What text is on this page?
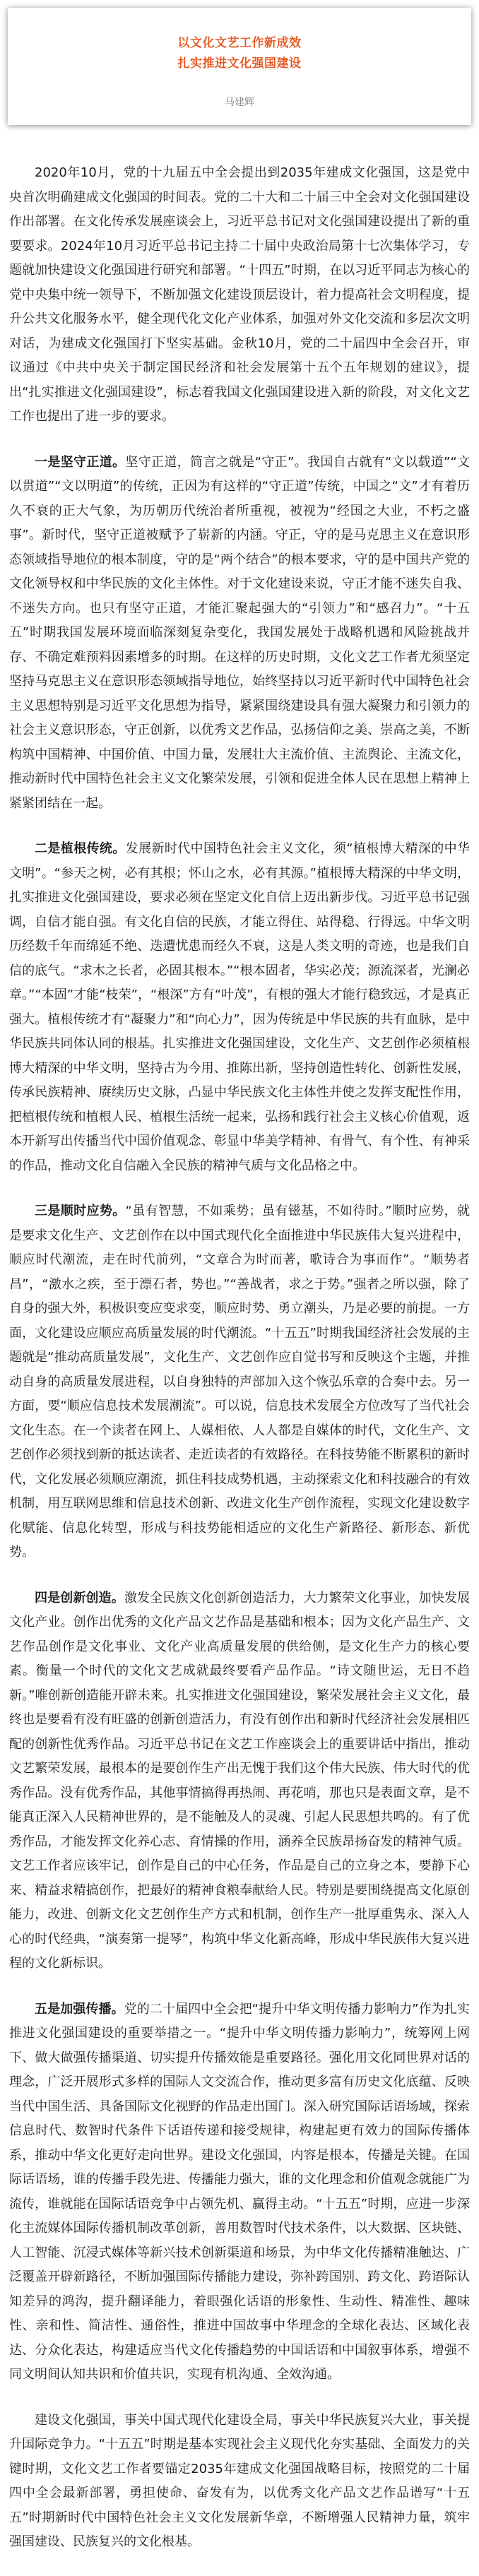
以文化文艺工作新成效
扎实推进文化强国建设
马建辉

2020年10月，党的十九届五中全会提出到2035年建成文化强国，这是党中央首次明确建成文化强国的时间表。党的二十大和二十届三中全会对文化强国建设作出部署。在文化传承发展座谈会上，习近平总书记对文化强国建设提出了新的重要要求。2024年10月习近平总书记主持二十届中央政治局第十七次集体学习，专题就加快建设文化强国进行研究和部署。“十四五”时期，在以习近平同志为核心的党中央集中统一领导下，不断加强文化建设顶层设计，着力提高社会文明程度，提升公共文化服务水平，健全现代化文化产业体系，加强对外文化交流和多层次文明对话，为建成文化强国打下坚实基础。金秋10月，党的二十届四中全会召开，审议通过《中共中央关于制定国民经济和社会发展第十五个五年规划的建议》，提出“扎实推进文化强国建设”，标志着我国文化强国建设进入新的阶段，对文化文艺工作也提出了进一步的要求。

一是坚守正道。坚守正道，简言之就是“守正”。我国自古就有“文以载道”“文以贯道”“文以明道”的传统，正因为有这样的“守正道”传统，中国之“文”才有着历久不衰的正大气象，为历朝历代统治者所重视，被视为“经国之大业，不朽之盛事”。新时代，坚守正道被赋予了崭新的内涵。守正，守的是马克思主义在意识形态领域指导地位的根本制度，守的是“两个结合”的根本要求，守的是中国共产党的文化领导权和中华民族的文化主体性。对于文化建设来说，守正才能不迷失自我、不迷失方向。也只有坚守正道，才能汇聚起强大的“引领力”和“感召力”。“十五五”时期我国发展环境面临深刻复杂变化，我国发展处于战略机遇和风险挑战并存、不确定难预料因素增多的时期。在这样的历史时期，文化文艺工作者尤须坚定坚持马克思主义在意识形态领域指导地位，始终坚持以习近平新时代中国特色社会主义思想特别是习近平文化思想为指导，紧紧围绕建设具有强大凝聚力和引领力的社会主义意识形态，守正创新，以优秀文艺作品，弘扬信仰之美、崇高之美，不断构筑中国精神、中国价值、中国力量，发展壮大主流价值、主流舆论、主流文化，推动新时代中国特色社会主义文化繁荣发展，引领和促进全体人民在思想上精神上紧紧团结在一起。

二是植根传统。发展新时代中国特色社会主义文化，须“植根博大精深的中华文明”。“参天之树，必有其根；怀山之水，必有其源。”植根博大精深的中华文明，扎实推进文化强国建设，要求必须在坚定文化自信上迈出新步伐。习近平总书记强调，自信才能自强。有文化自信的民族，才能立得住、站得稳、行得远。中华文明历经数千年而绵延不绝、迭遭忧患而经久不衰，这是人类文明的奇迹，也是我们自信的底气。“求木之长者，必固其根本。”“根本固者，华实必茂；源流深者，光澜必章。”“本固”才能“枝荣”，“根深”方有“叶茂”，有根的强大才能行稳致远，才是真正强大。植根传统才有“凝聚力”和“向心力”，因为传统是中华民族的共有血脉，是中华民族共同体认同的根基。扎实推进文化强国建设，文化生产、文艺创作必须植根博大精深的中华文明，坚持古为今用、推陈出新，坚持创造性转化、创新性发展，传承民族精神、赓续历史文脉，凸显中华民族文化主体性并使之发挥支配性作用，把植根传统和植根人民、植根生活统一起来，弘扬和践行社会主义核心价值观，返本开新写出传播当代中国价值观念、彰显中华美学精神、有骨气、有个性、有神采的作品，推动文化自信融入全民族的精神气质与文化品格之中。

三是顺时应势。“虽有智慧，不如乘势；虽有镃基，不如待时。”顺时应势，就是要求文化生产、文艺创作在以中国式现代化全面推进中华民族伟大复兴进程中，顺应时代潮流，走在时代前列，“文章合为时而著，歌诗合为事而作”。“顺势者昌”，“激水之疾，至于漂石者，势也。”“善战者，求之于势。”强者之所以强，除了自身的强大外，积极识变应变求变，顺应时势、勇立潮头，乃是必要的前提。一方面，文化建设应顺应高质量发展的时代潮流。“十五五”时期我国经济社会发展的主题就是“推动高质量发展”，文化生产、文艺创作应自觉书写和反映这个主题，并推动自身的高质量发展进程，以自身独特的声部加入这个恢弘乐章的合奏中去。另一方面，要“顺应信息技术发展潮流”。可以说，信息技术发展全方位改写了当代社会文化生态。在一个读者在网上、人媒相依、人人都是自媒体的时代，文化生产、文艺创作必须找到新的抵达读者、走近读者的有效路径。在科技势能不断累积的新时代，文化发展必须顺应潮流，抓住科技成势机遇，主动探索文化和科技融合的有效机制，用互联网思维和信息技术创新、改进文化生产创作流程，实现文化建设数字化赋能、信息化转型，形成与科技势能相适应的文化生产新路径、新形态、新优势。

四是创新创造。激发全民族文化创新创造活力，大力繁荣文化事业，加快发展文化产业。创作出优秀的文化产品文艺作品是基础和根本；因为文化产品生产、文艺作品创作是文化事业、文化产业高质量发展的供给侧，是文化生产力的核心要素。衡量一个时代的文化文艺成就最终要看产品作品。“诗文随世运，无日不趋新。”唯创新创造能开辟未来。扎实推进文化强国建设，繁荣发展社会主义文化，最终也是要看有没有旺盛的创新创造活力，有没有创作出和新时代经济社会发展相匹配的创新性优秀作品。习近平总书记在文艺工作座谈会上的重要讲话中指出，推动文艺繁荣发展，最根本的是要创作生产出无愧于我们这个伟大民族、伟大时代的优秀作品。没有优秀作品，其他事情搞得再热闹、再花哨，那也只是表面文章，是不能真正深入人民精神世界的，是不能触及人的灵魂、引起人民思想共鸣的。有了优秀作品，才能发挥文化养心志、育情操的作用，涵养全民族昂扬奋发的精神气质。文艺工作者应该牢记，创作是自己的中心任务，作品是自己的立身之本，要静下心来、精益求精搞创作，把最好的精神食粮奉献给人民。特别是要围绕提高文化原创能力，改进、创新文化文艺创作生产方式和机制，创作生产一批厚重隽永、深入人心的时代经典，“演奏第一提琴”，构筑中华文化新高峰，形成中华民族伟大复兴进程的文化新标识。

五是加强传播。党的二十届四中全会把“提升中华文明传播力影响力”作为扎实推进文化强国建设的重要举措之一。“提升中华文明传播力影响力”，统筹网上网下、做大做强传播渠道、切实提升传播效能是重要路径。强化用文化同世界对话的理念，广泛开展形式多样的国际人文交流合作，推动更多富有历史文化底蕴、反映当代中国生活、具备国际文化视野的作品走出国门。深入研究国际话语场域，探索信息时代、数智时代条件下话语传递和接受规律，构建起更有效力的国际传播体系，推动中华文化更好走向世界。建设文化强国，内容是根本，传播是关键。在国际话语场，谁的传播手段先进、传播能力强大，谁的文化理念和价值观念就能广为流传，谁就能在国际话语竞争中占领先机、赢得主动。“十五五”时期，应进一步深化主流媒体国际传播机制改革创新，善用数智时代技术条件，以大数据、区块链、人工智能、沉浸式媒体等新兴技术创新渠道和场景，为中华文化传播精准触达、广泛覆盖开辟新路径，不断加强国际传播能力建设，弥补跨国别、跨文化、跨语际认知差异的鸿沟，提升翻译能力，着眼强化话语的形象性、生动性、精准性、趣味性、亲和性、简洁性、通俗性，推进中国故事中华理念的全球化表达、区域化表达、分众化表达，构建适应当代文化传播趋势的中国话语和中国叙事体系，增强不同文明间认知共识和价值共识，实现有机沟通、全效沟通。

建设文化强国，事关中国式现代化建设全局，事关中华民族复兴大业，事关提升国际竞争力。“十五五”时期是基本实现社会主义现代化夯实基础、全面发力的关键时期，文化文艺工作者要锚定2035年建成文化强国战略目标，按照党的二十届四中全会最新部署，勇担使命、奋发有为，以优秀文化产品文艺作品谱写“十五五”时期新时代中国特色社会主义文化发展新华章，不断增强人民精神力量，筑牢强国建设、民族复兴的文化根基。
